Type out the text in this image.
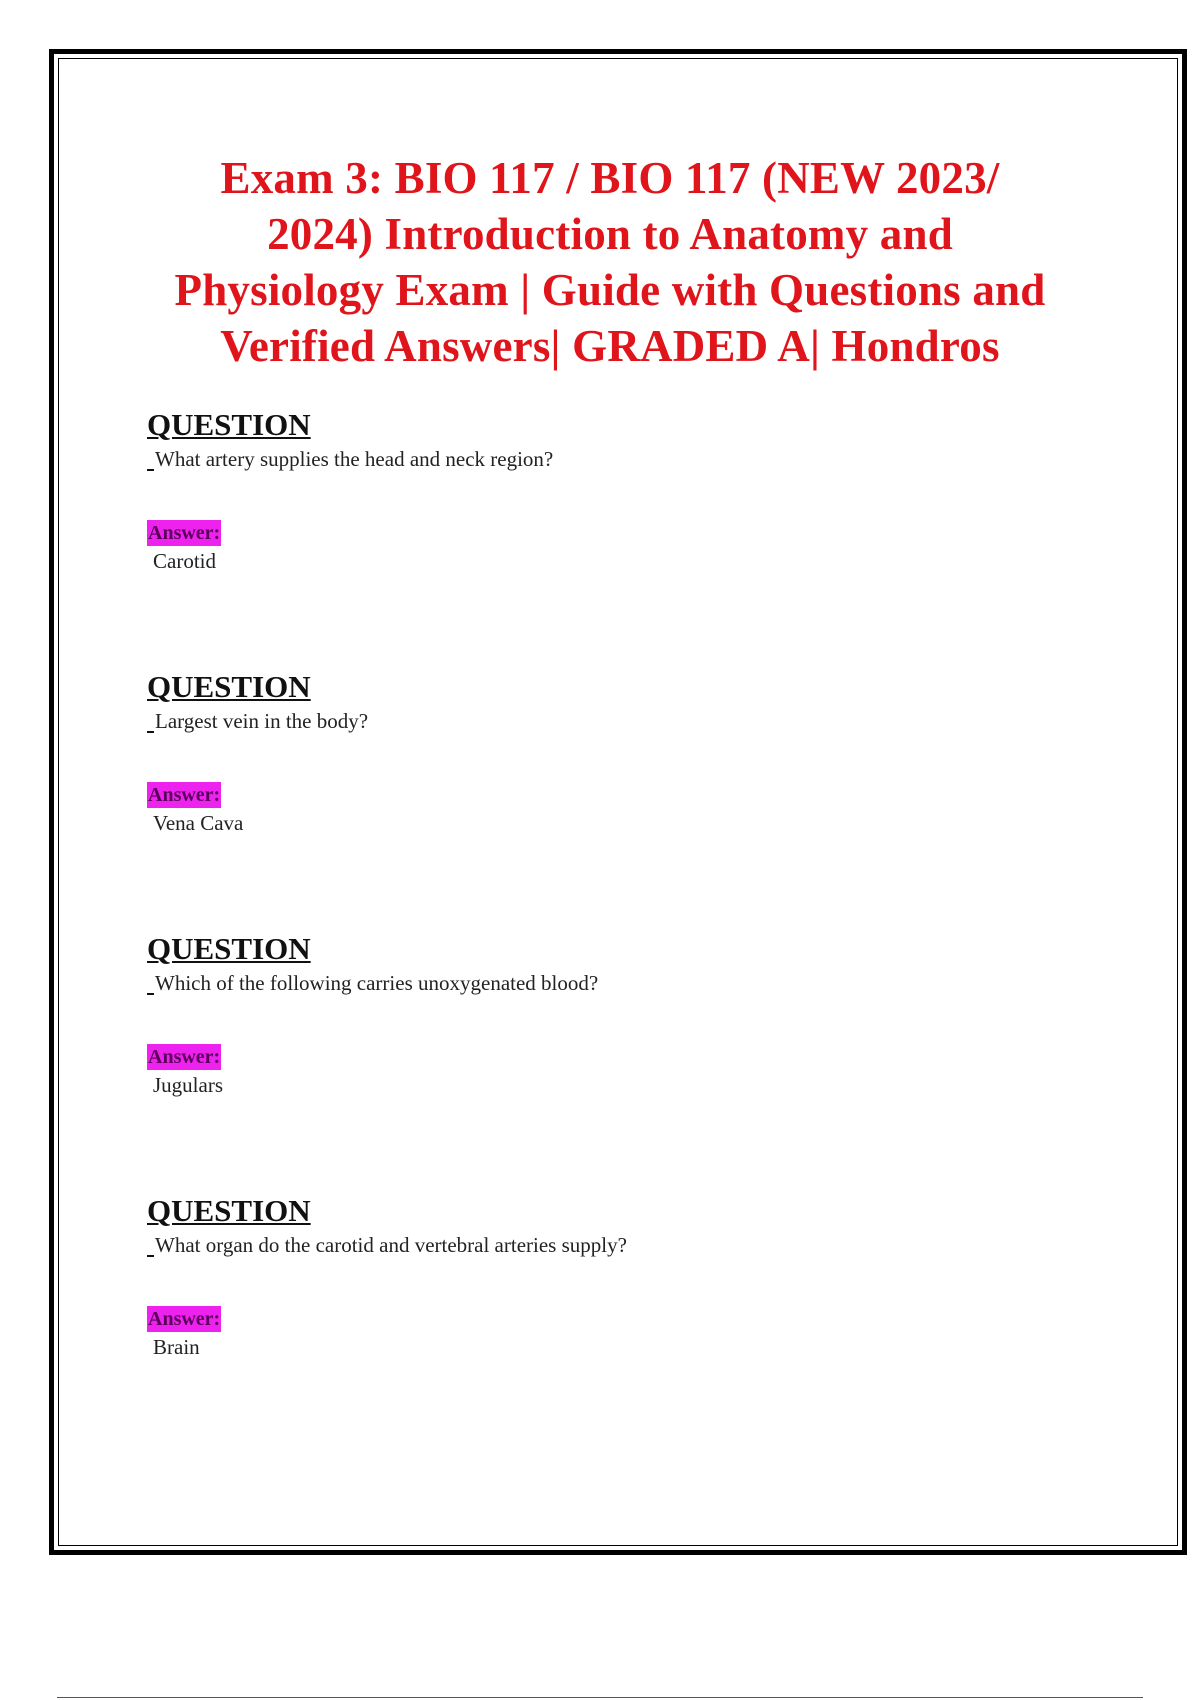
Exam 3: BIO 117 / BIO 117 (NEW 2023/
2024) Introduction to Anatomy and
Physiology Exam | Guide with Questions and
Verified Answers| GRADED A| Hondros
QUESTION

What artery supplies the head and neck region?

Answer:

Carotid

QUESTION

Largest vein in the body?

Answer:

Vena Cava

QUESTION

Which of the following carries unoxygenated blood?

Answer:

Jugulars

QUESTION

What organ do the carotid and vertebral arteries supply?

Answer:

Brain
